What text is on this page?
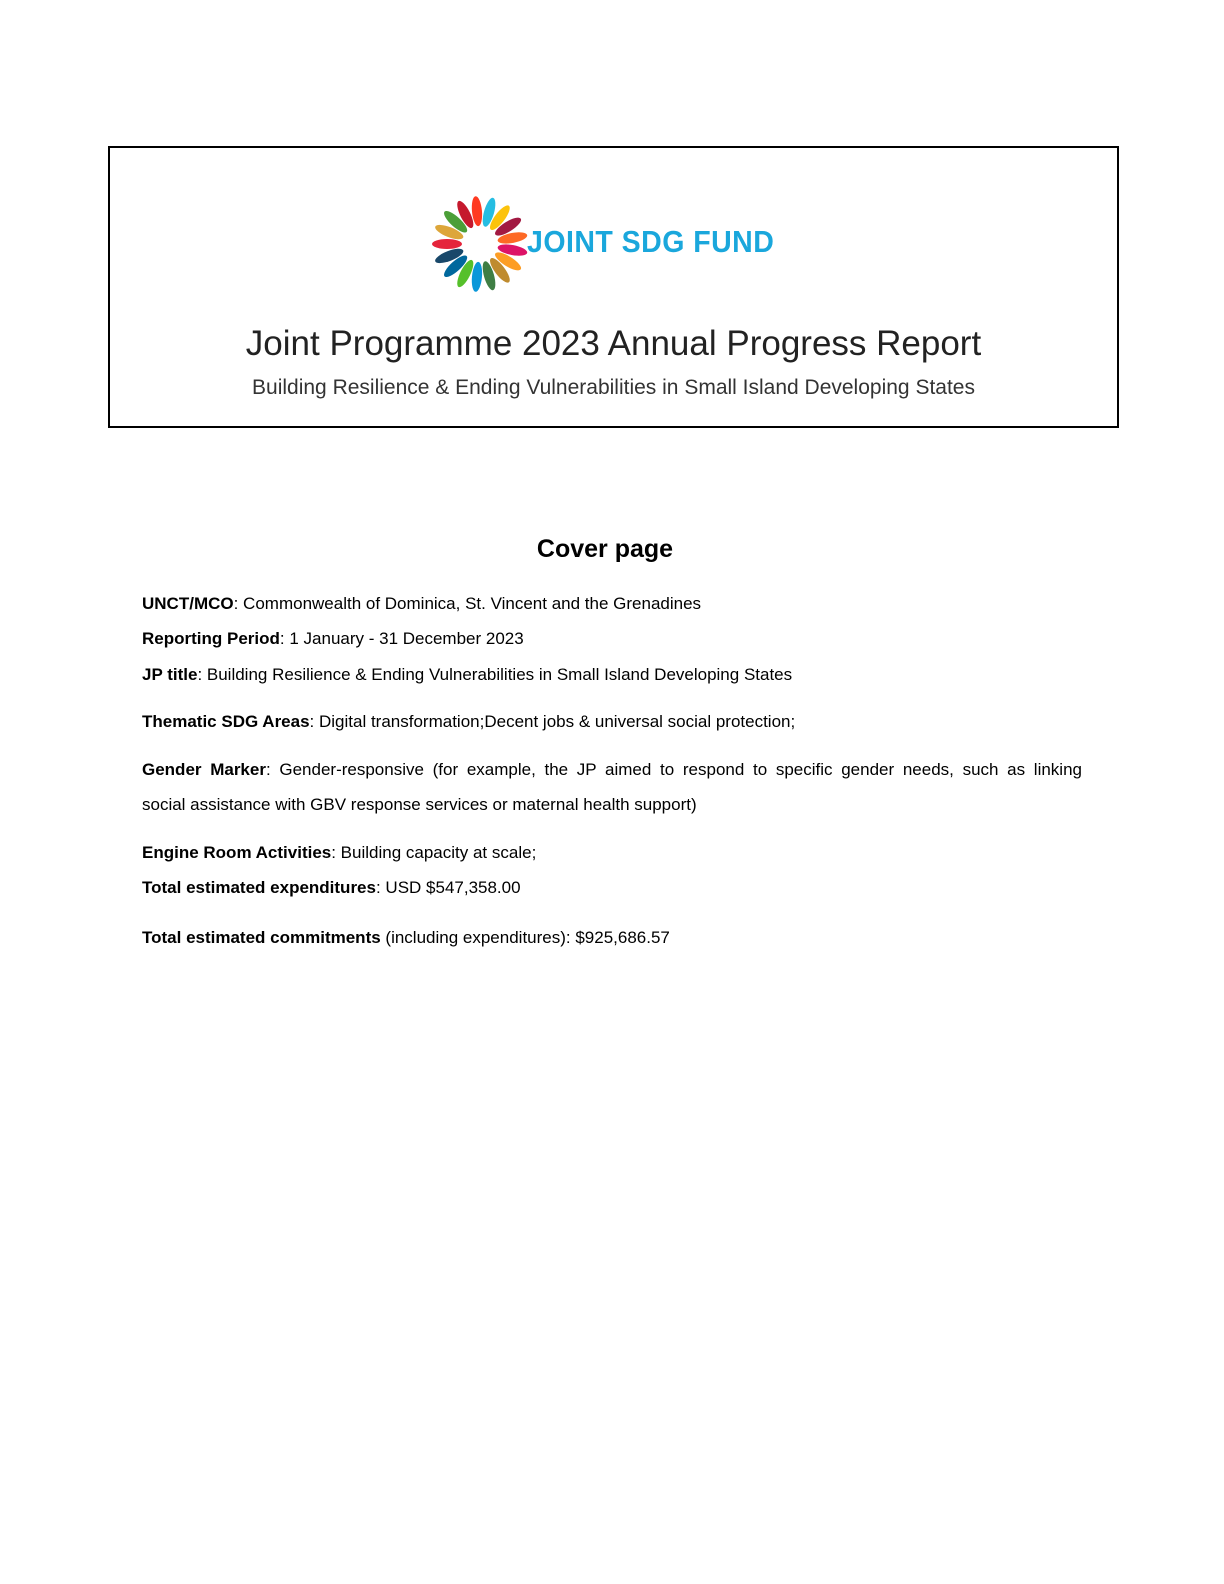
JOINT SDG FUND
Joint Programme 2023 Annual Progress Report
Building Resilience & Ending Vulnerabilities in Small Island Developing States
Cover page

UNCT/MCO: Commonwealth of Dominica, St. Vincent and the Grenadines

Reporting Period: 1 January - 31 December 2023

JP title: Building Resilience & Ending Vulnerabilities in Small Island Developing States

Thematic SDG Areas: Digital transformation;Decent jobs & universal social protection;

Gender Marker: Gender-responsive (for example, the JP aimed to respond to specific gender needs, such as linking
social assistance with GBV response services or maternal health support)

Engine Room Activities: Building capacity at scale;

Total estimated expenditures: USD $547,358.00

Total estimated commitments (including expenditures): $925,686.57
